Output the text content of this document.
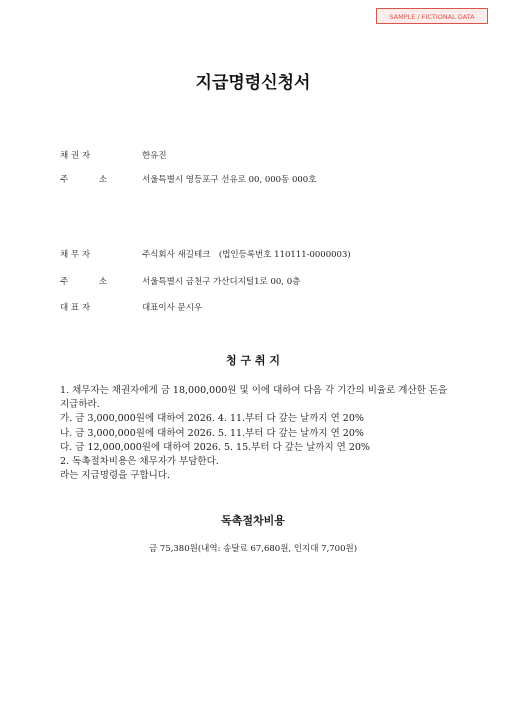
SAMPLE / FICTIONAL DATA
지급명령신청서
채 권 자	한유진
주 소	서울특별시 영등포구 선유로 00, 000동 000호
채 무 자	주식회사 새길테크　(법인등록번호 110111-0000003)
주 소	서울특별시 금천구 가산디지털1로 00, 0층
대 표 자	대표이사 문시우
청 구 취 지
1. 채무자는 채권자에게 금 18,000,000원 및 이에 대하여 다음 각 기간의 비율로 계산한 돈을 지급하라.
가. 금 3,000,000원에 대하여 2026. 4. 11.부터 다 갚는 날까지 연 20%
나. 금 3,000,000원에 대하여 2026. 5. 11.부터 다 갚는 날까지 연 20%
다. 금 12,000,000원에 대하여 2026. 5. 15.부터 다 갚는 날까지 연 20%
2. 독촉절차비용은 채무자가 부담한다.
라는 지급명령을 구합니다.
독촉절차비용
금 75,380원(내역: 송달료 67,680원, 인지대 7,700원)
